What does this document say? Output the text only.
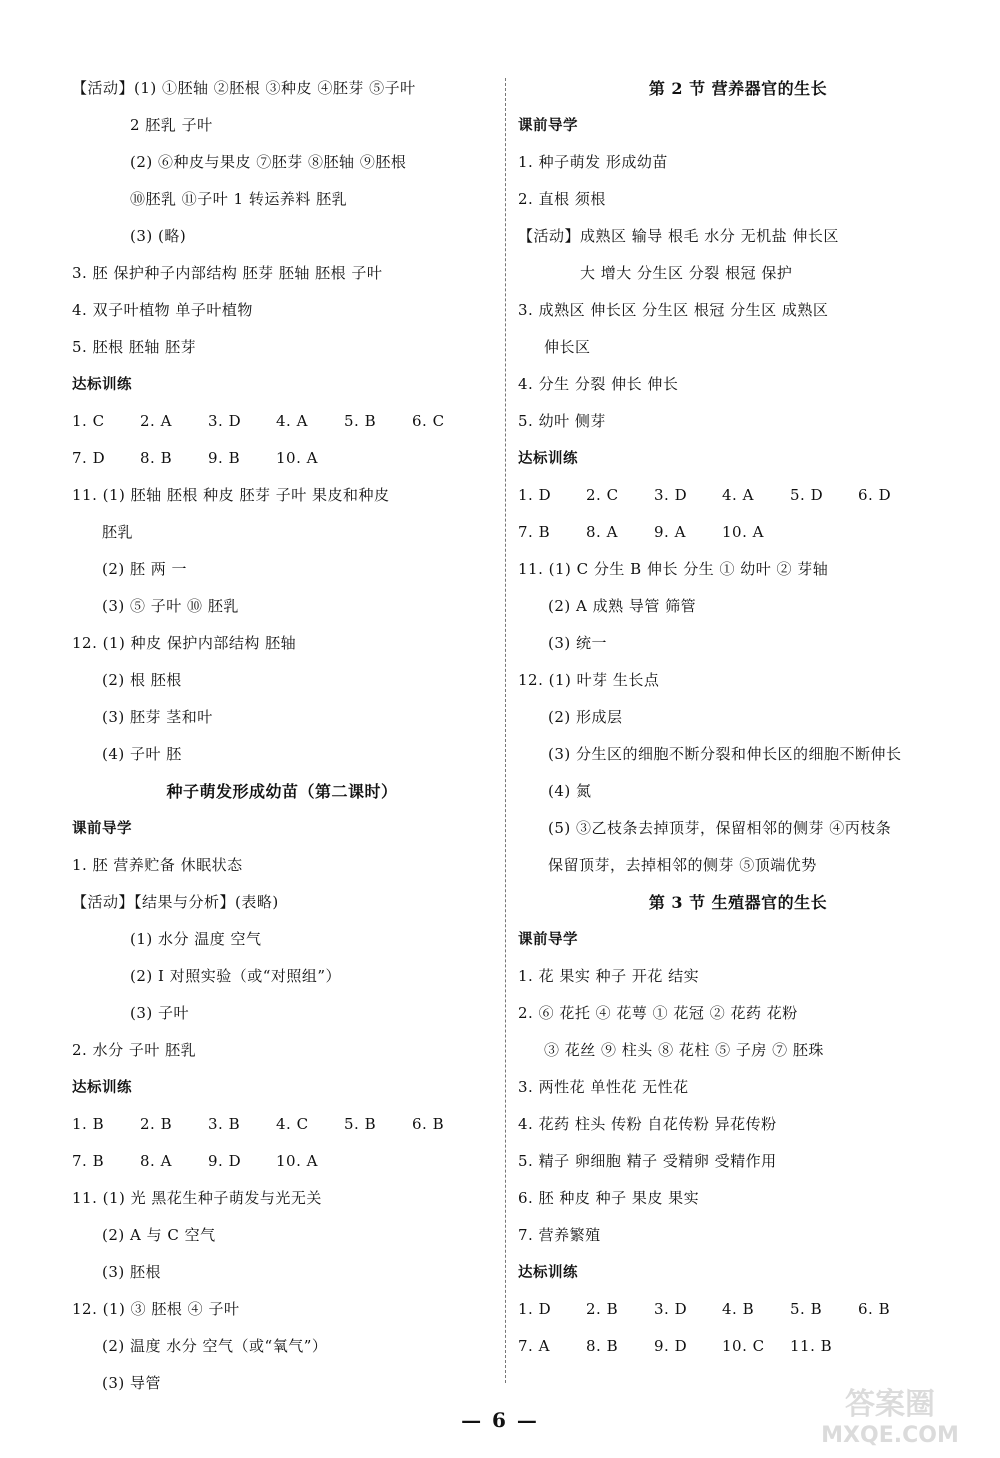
【活动】(1) ①胚轴 ②胚根 ③种皮 ④胚芽 ⑤子叶
2 胚乳 子叶
(2) ⑥种皮与果皮 ⑦胚芽 ⑧胚轴 ⑨胚根
⑩胚乳 ⑪子叶 1 转运养料 胚乳
(3) (略)
3. 胚 保护种子内部结构 胚芽 胚轴 胚根 子叶
4. 双子叶植物 单子叶植物
5. 胚根 胚轴 胚芽
达标训练
1. C 2. A 3. D 4. A 5. B 6. C
7. D 8. B 9. B 10. A
11. (1) 胚轴 胚根 种皮 胚芽 子叶 果皮和种皮
胚乳
(2) 胚 两 一
(3) ⑤ 子叶 ⑩ 胚乳
12. (1) 种皮 保护内部结构 胚轴
(2) 根 胚根
(3) 胚芽 茎和叶
(4) 子叶 胚
种子萌发形成幼苗（第二课时）
课前导学
1. 胚 营养贮备 休眠状态
【活动】【结果与分析】(表略)
(1) 水分 温度 空气
(2) I 对照实验（或“对照组”）
(3) 子叶
2. 水分 子叶 胚乳
达标训练
1. B 2. B 3. B 4. C 5. B 6. B
7. B 8. A 9. D 10. A
11. (1) 光 黑花生种子萌发与光无关
(2) A 与 C 空气
(3) 胚根
12. (1) ③ 胚根 ④ 子叶
(2) 温度 水分 空气（或“氧气”）
(3) 导管
第 2 节 营养器官的生长
课前导学
1. 种子萌发 形成幼苗
2. 直根 须根
【活动】成熟区 输导 根毛 水分 无机盐 伸长区
大 增大 分生区 分裂 根冠 保护
3. 成熟区 伸长区 分生区 根冠 分生区 成熟区
伸长区
4. 分生 分裂 伸长 伸长
5. 幼叶 侧芽
达标训练
1. D 2. C 3. D 4. A 5. D 6. D
7. B 8. A 9. A 10. A
11. (1) C 分生 B 伸长 分生 ① 幼叶 ② 芽轴
(2) A 成熟 导管 筛管
(3) 统一
12. (1) 叶芽 生长点
(2) 形成层
(3) 分生区的细胞不断分裂和伸长区的细胞不断伸长
(4) 氮
(5) ③乙枝条去掉顶芽，保留相邻的侧芽 ④丙枝条
保留顶芽，去掉相邻的侧芽 ⑤顶端优势
第 3 节 生殖器官的生长
课前导学
1. 花 果实 种子 开花 结实
2. ⑥ 花托 ④ 花萼 ① 花冠 ② 花药 花粉
③ 花丝 ⑨ 柱头 ⑧ 花柱 ⑤ 子房 ⑦ 胚珠
3. 两性花 单性花 无性花
4. 花药 柱头 传粉 自花传粉 异花传粉
5. 精子 卵细胞 精子 受精卵 受精作用
6. 胚 种皮 种子 果皮 果实
7. 营养繁殖
达标训练
1. D 2. B 3. D 4. B 5. B 6. B
7. A 8. B 9. D 10. C 11. B
— 6 —	答案圈
MXQE.COM
